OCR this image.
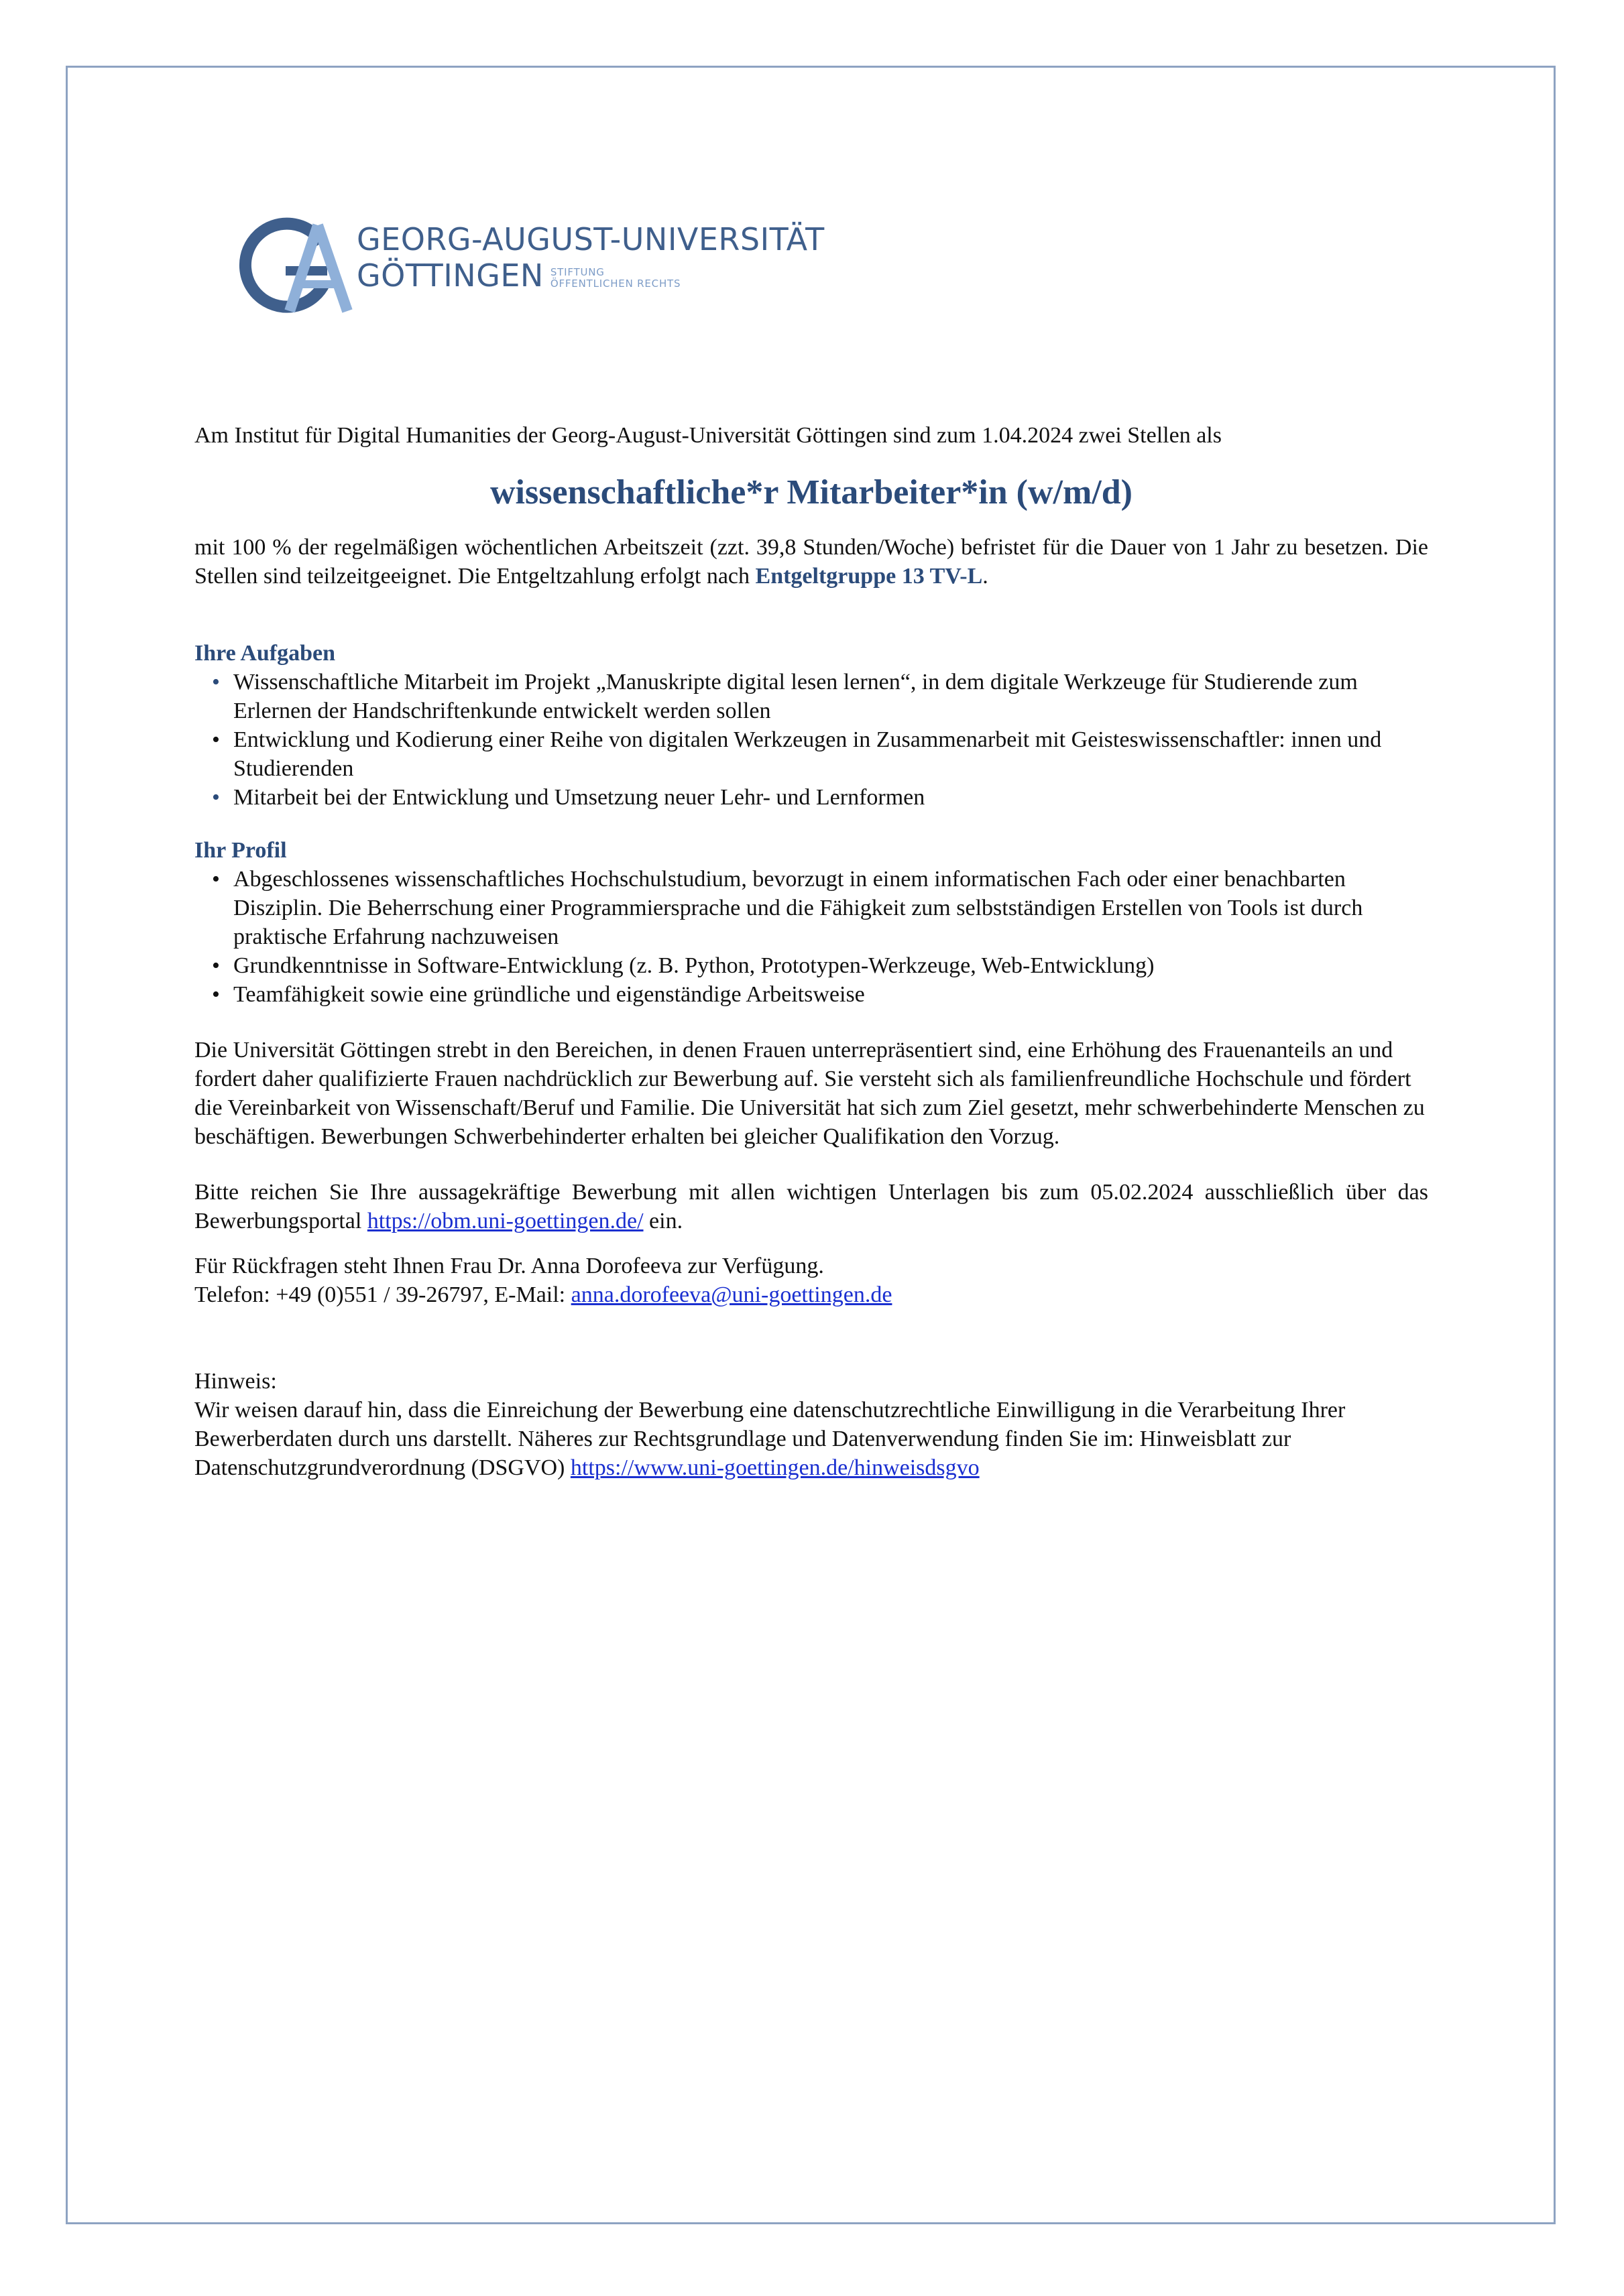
GEORG-AUGUST-UNIVERSITÄT
GÖTTINGEN STIFTUNG
ÖFFENTLICHEN RECHTS

Am Institut für Digital Humanities der Georg-August-Universität Göttingen sind zum 1.04.2024 zwei Stellen als

wissenschaftliche*r Mitarbeiter*in (w/m/d)

mit 100 % der regelmäßigen wöchentlichen Arbeitszeit (zzt. 39,8 Stunden/Woche) befristet für die Dauer von 1 Jahr zu besetzen. Die Stellen sind teilzeitgeeignet. Die Entgeltzahlung erfolgt nach Entgeltgruppe 13 TV-L.

Ihre Aufgaben

• Wissenschaftliche Mitarbeit im Projekt „Manuskripte digital lesen lernen“, in dem digitale Werkzeuge für Studierende zum Erlernen der Handschriftenkunde entwickelt werden sollen
• Entwicklung und Kodierung einer Reihe von digitalen Werkzeugen in Zusammenarbeit mit Geisteswissenschaftler: innen und Studierenden
• Mitarbeit bei der Entwicklung und Umsetzung neuer Lehr- und Lernformen

Ihr Profil

• Abgeschlossenes wissenschaftliches Hochschulstudium, bevorzugt in einem informatischen Fach oder einer benachbarten Disziplin. Die Beherrschung einer Programmiersprache und die Fähigkeit zum selbstständigen Erstellen von Tools ist durch praktische Erfahrung nachzuweisen
• Grundkenntnisse in Software-Entwicklung (z. B. Python, Prototypen-Werkzeuge, Web-Entwicklung)
• Teamfähigkeit sowie eine gründliche und eigenständige Arbeitsweise

Die Universität Göttingen strebt in den Bereichen, in denen Frauen unterrepräsentiert sind, eine Erhöhung des Frauenanteils an und fordert daher qualifizierte Frauen nachdrücklich zur Bewerbung auf. Sie versteht sich als familienfreundliche Hochschule und fördert die Vereinbarkeit von Wissenschaft/Beruf und Familie. Die Universität hat sich zum Ziel gesetzt, mehr schwerbehinderte Menschen zu beschäftigen. Bewerbungen Schwerbehinderter erhalten bei gleicher Qualifikation den Vorzug.

Bitte reichen Sie Ihre aussagekräftige Bewerbung mit allen wichtigen Unterlagen bis zum 05.02.2024 ausschließlich über das Bewerbungsportal https://obm.uni-goettingen.de/ ein.

Für Rückfragen steht Ihnen Frau Dr. Anna Dorofeeva zur Verfügung.

Telefon: +49 (0)551 / 39-26797, E-Mail: anna.dorofeeva@uni-goettingen.de

Hinweis:

Wir weisen darauf hin, dass die Einreichung der Bewerbung eine datenschutzrechtliche Einwilligung in die Verarbeitung Ihrer Bewerberdaten durch uns darstellt. Näheres zur Rechtsgrundlage und Datenverwendung finden Sie im: Hinweisblatt zur Datenschutzgrundverordnung (DSGVO) https://www.uni-goettingen.de/hinweisdsgvo
